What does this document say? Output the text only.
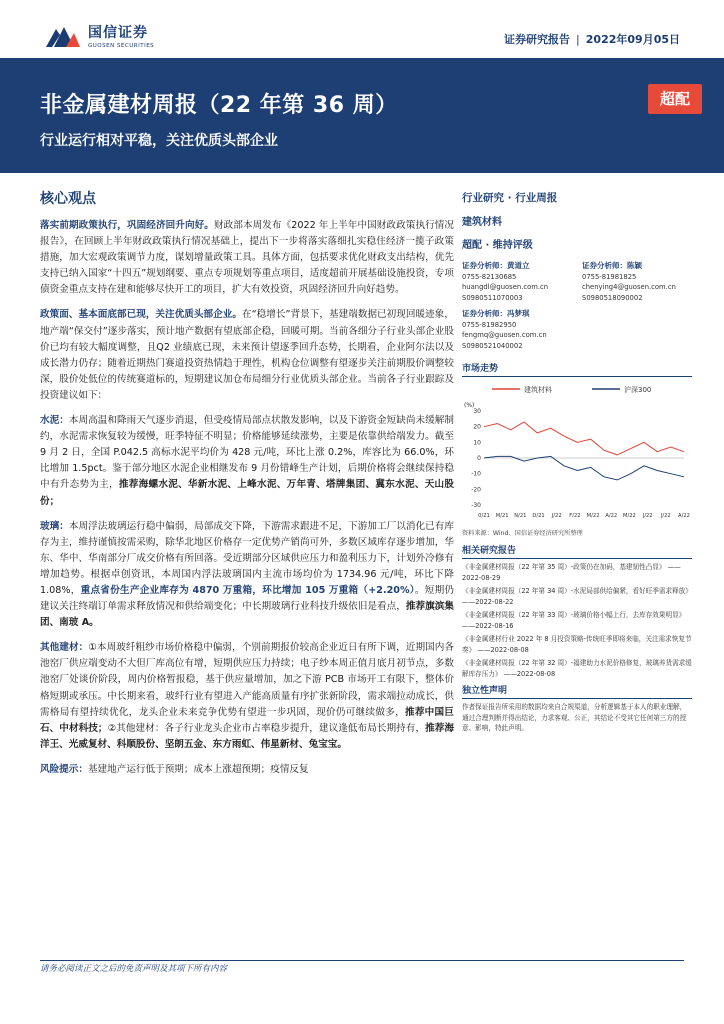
国信证券
GUOSEN SECURITIES	证券研究报告 | 2022年09月05日
非金属建材周报（22 年第 36 周）
行业运行相对平稳，关注优质头部企业
超配
核心观点

落实前期政策执行，巩固经济回升向好。财政部本周发布《2022 年上半年中国财政政策执行情况报告》，在回顾上半年财政政策执行情况基础上，提出下一步将落实落细扎实稳住经济一揽子政策措施，加大宏观政策调节力度，谋划增量政策工具。具体方面，包括要求优化财政支出结构，优先支持已纳入国家“十四五”规划纲要、重点专项规划等重点项目，适度超前开展基础设施投资，专项债资金重点支持在建和能够尽快开工的项目，扩大有效投资，巩固经济回升向好趋势。

政策面、基本面底部已现，关注优质头部企业。在“稳增长”背景下，基建端数据已初现回暖迹象，地产端“保交付”逐步落实，预计地产数据有望底部企稳，回暖可期。当前各细分子行业头部企业股价已均有较大幅度调整，且Q2 业绩底已现，未来预计望逐季回升态势，长期看，企业阿尔法以及成长潜力仍存；随着近期热门赛道投资热情趋于理性，机构仓位调整有望逐步关注前期股价调整较深，股价处低位的传统赛道标的，短期建议加仓布局细分行业优质头部企业。当前各子行业跟踪及投资建议如下：

水泥：本周高温和降雨天气逐步消退，但受疫情局部点状散发影响，以及下游资金短缺尚未缓解制约，水泥需求恢复较为缓慢，旺季特征不明显；价格能够延续涨势，主要是依靠供给端发力。截至 9 月 2 日，全国 P.042.5 高标水泥平均价为 428 元/吨，环比上涨 0.2%，库容比为 66.0%，环比增加 1.5pct。鉴于部分地区水泥企业相继发布 9 月份错峰生产计划，后期价格将会继续保持稳中有升态势为主，推荐海螺水泥、华新水泥、上峰水泥、万年青、塔牌集团、冀东水泥、天山股份；

玻璃：本周浮法玻璃运行稳中偏弱，局部成交下降，下游需求跟进不足，下游加工厂以消化已有库存为主，维持谨慎按需采购，除华北地区价格存一定优势产销尚可外，多数区域库存逐步增加，华东、华中、华南部分厂成交价格有所回落。受近期部分区域供应压力和盈利压力下，计划外冷修有增加趋势。根据卓创资讯，本周国内浮法玻璃国内主流市场均价为 1734.96 元/吨，环比下降 1.08%，重点省份生产企业库存为 4870 万重箱，环比增加 105 万重箱（+2.20%）。短期仍建议关注终端订单需求释放情况和供给端变化；中长期玻璃行业科技升级依旧是看点，推荐旗滨集团、南玻 A。

其他建材：①本周玻纤粗纱市场价格稳中偏弱，个别前期报价较高企业近日有所下调，近期国内各池窑厂供应端变动不大但厂库高位有增，短期供应压力持续；电子纱本周正值月底月初节点，多数池窑厂处谈价阶段，周内价格暂报稳，基于供应量增加，加之下游 PCB 市场开工有限下，整体价格短期或承压。中长期来看，玻纤行业有望进入产能高质量有序扩张新阶段，需求端拉动成长，供需格局有望持续优化，龙头企业未来竞争优势有望进一步巩固，现价仍可继续做多，推荐中国巨石、中材科技；②其他建材：各子行业龙头企业市占率稳步提升，建议逢低布局长期持有，推荐海洋王、光威复材、科顺股份、坚朗五金、东方雨虹、伟星新材、兔宝宝。

风险提示：基建地产运行低于预期；成本上涨超预期；疫情反复

行业研究 · 行业周报
建筑材料
超配 · 维持评级
证券分析师：黄道立
0755-82130685
huangdl@guosen.com.cn
S0980511070003
证券分析师：陈颖
0755-81981825
chenying4@guosen.com.cn
S0980518090002
证券分析师：冯梦琪
0755-81982950
fengmq@guosen.com.cn
S0980521040002
市场走势
建筑材料	沪深300
(%)
30
20
10
0
-10
-20
-30
0/21 M/21 N/21 D/21 J/22 F/22 M/22 A/22 M/22 J/22 J/22 A/22
资料来源：Wind、国信证券经济研究所整理
相关研究报告
《非金属建材周报（22 年第 35 周）-政策仍在加码，基建韧性凸显》 ——2022-08-29
《非金属建材周报（22 年第 34 周）-水泥局部供给偏紧，看好旺季需求释放》 ——2022-08-22
《非金属建材周报（22 年第 33 周）-玻璃价格小幅上行，去库存效果明显》 ——2022-08-16
《非金属建材行业 2022 年 8 月投资策略-传统旺季即将来临，关注需求恢复节奏》 ——2022-08-08
《非金属建材周报（22 年第 32 周）-福建助力水泥价格修复，玻璃养货需求缓解库存压力》 ——2022-08-08
独立性声明
作者保证报告所采用的数据均来自合规渠道，分析逻辑基于本人的职业理解，通过合理判断并得出结论，力求客观、公正，其结论不受其它任何第三方的授意、影响，特此声明。
请务必阅读正文之后的免责声明及其项下所有内容
